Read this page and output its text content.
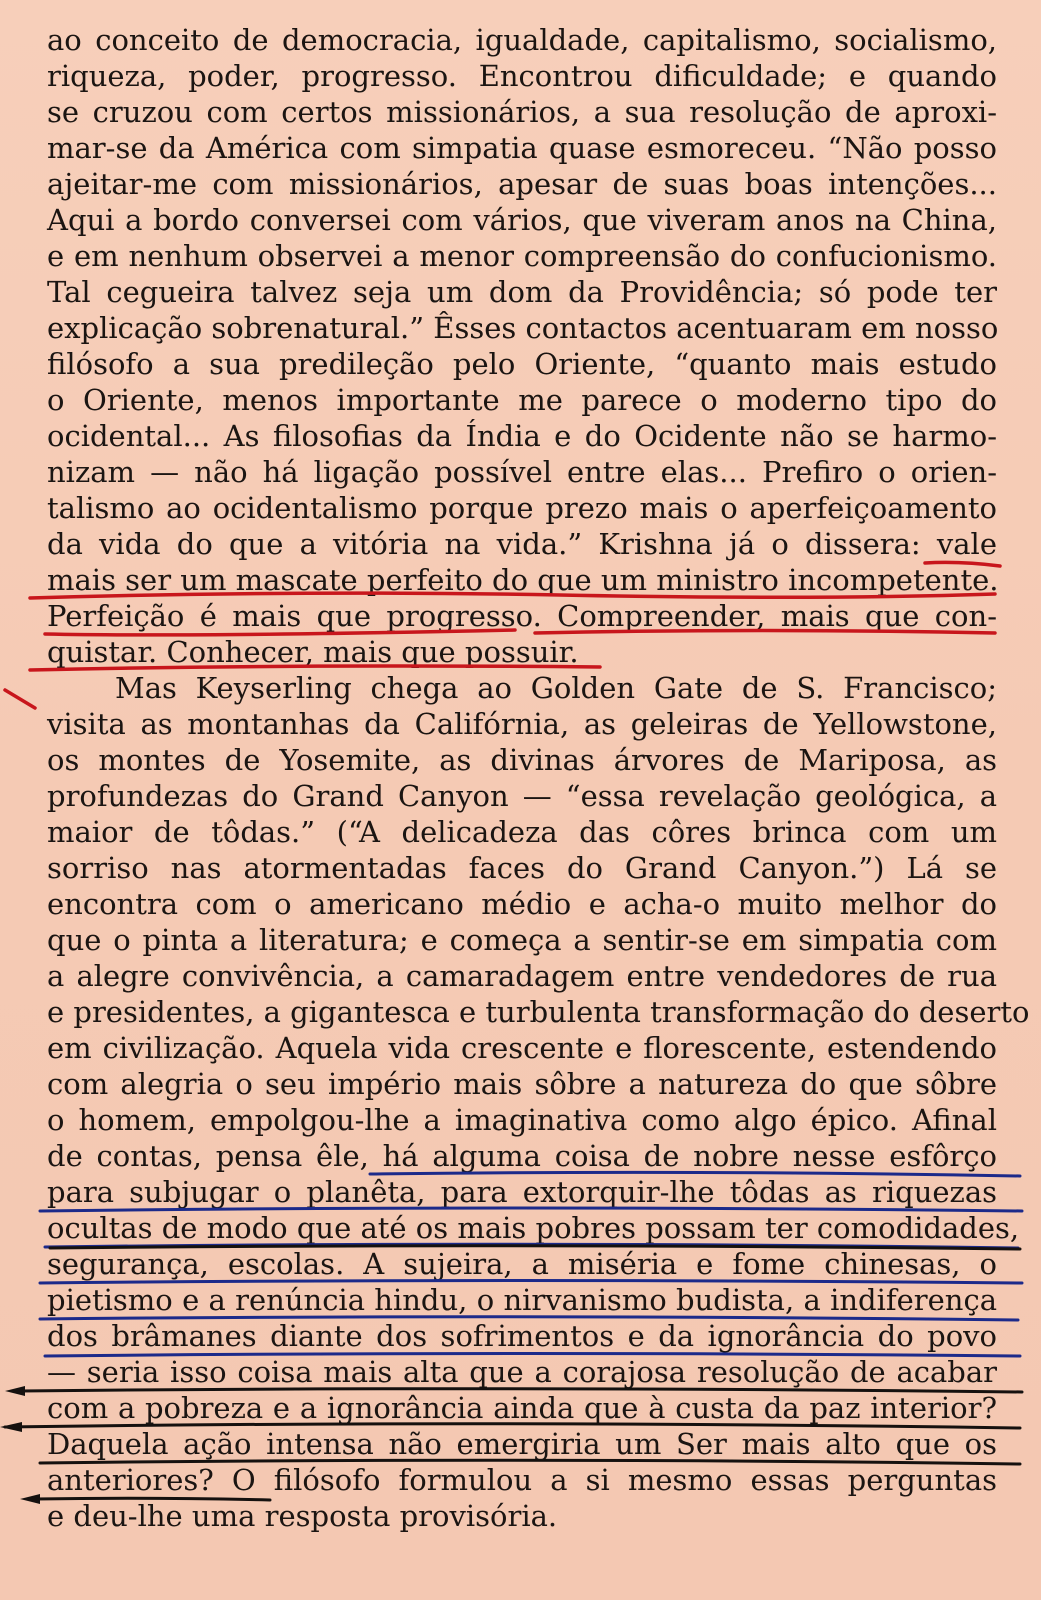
ao conceito de democracia, igualdade, capitalismo, socialismo,
riqueza, poder, progresso. Encontrou dificuldade; e quando
se cruzou com certos missionários, a sua resolução de aproxi-
mar-se da América com simpatia quase esmoreceu. “Não posso
ajeitar-me com missionários, apesar de suas boas intenções...
Aqui a bordo conversei com vários, que viveram anos na China,
e em nenhum observei a menor compreensão do confucionismo.
Tal cegueira talvez seja um dom da Providência; só pode ter
explicação sobrenatural.” Êsses contactos acentuaram em nosso
filósofo a sua predileção pelo Oriente, “quanto mais estudo
o Oriente, menos importante me parece o moderno tipo do
ocidental... As filosofias da Índia e do Ocidente não se harmo-
nizam — não há ligação possível entre elas... Prefiro o orien-
talismo ao ocidentalismo porque prezo mais o aperfeiçoamento
da vida do que a vitória na vida.” Krishna já o dissera: vale
mais ser um mascate perfeito do que um ministro incompetente.
Perfeição é mais que progresso. Compreender, mais que con-
quistar. Conhecer, mais que possuir.
Mas Keyserling chega ao Golden Gate de S. Francisco;
visita as montanhas da Califórnia, as geleiras de Yellowstone,
os montes de Yosemite, as divinas árvores de Mariposa, as
profundezas do Grand Canyon — “essa revelação geológica, a
maior de tôdas.” (“A delicadeza das côres brinca com um
sorriso nas atormentadas faces do Grand Canyon.”) Lá se
encontra com o americano médio e acha-o muito melhor do
que o pinta a literatura; e começa a sentir-se em simpatia com
a alegre convivência, a camaradagem entre vendedores de rua
e presidentes, a gigantesca e turbulenta transformação do deserto
em civilização. Aquela vida crescente e florescente, estendendo
com alegria o seu império mais sôbre a natureza do que sôbre
o homem, empolgou-lhe a imaginativa como algo épico. Afinal
de contas, pensa êle, há alguma coisa de nobre nesse esfôrço
para subjugar o planêta, para extorquir-lhe tôdas as riquezas
ocultas de modo que até os mais pobres possam ter comodidades,
segurança, escolas. A sujeira, a miséria e fome chinesas, o
pietismo e a renúncia hindu, o nirvanismo budista, a indiferença
dos brâmanes diante dos sofrimentos e da ignorância do povo
— seria isso coisa mais alta que a corajosa resolução de acabar
com a pobreza e a ignorância ainda que à custa da paz interior?
Daquela ação intensa não emergiria um Ser mais alto que os
anteriores? O filósofo formulou a si mesmo essas perguntas
e deu-lhe uma resposta provisória.
